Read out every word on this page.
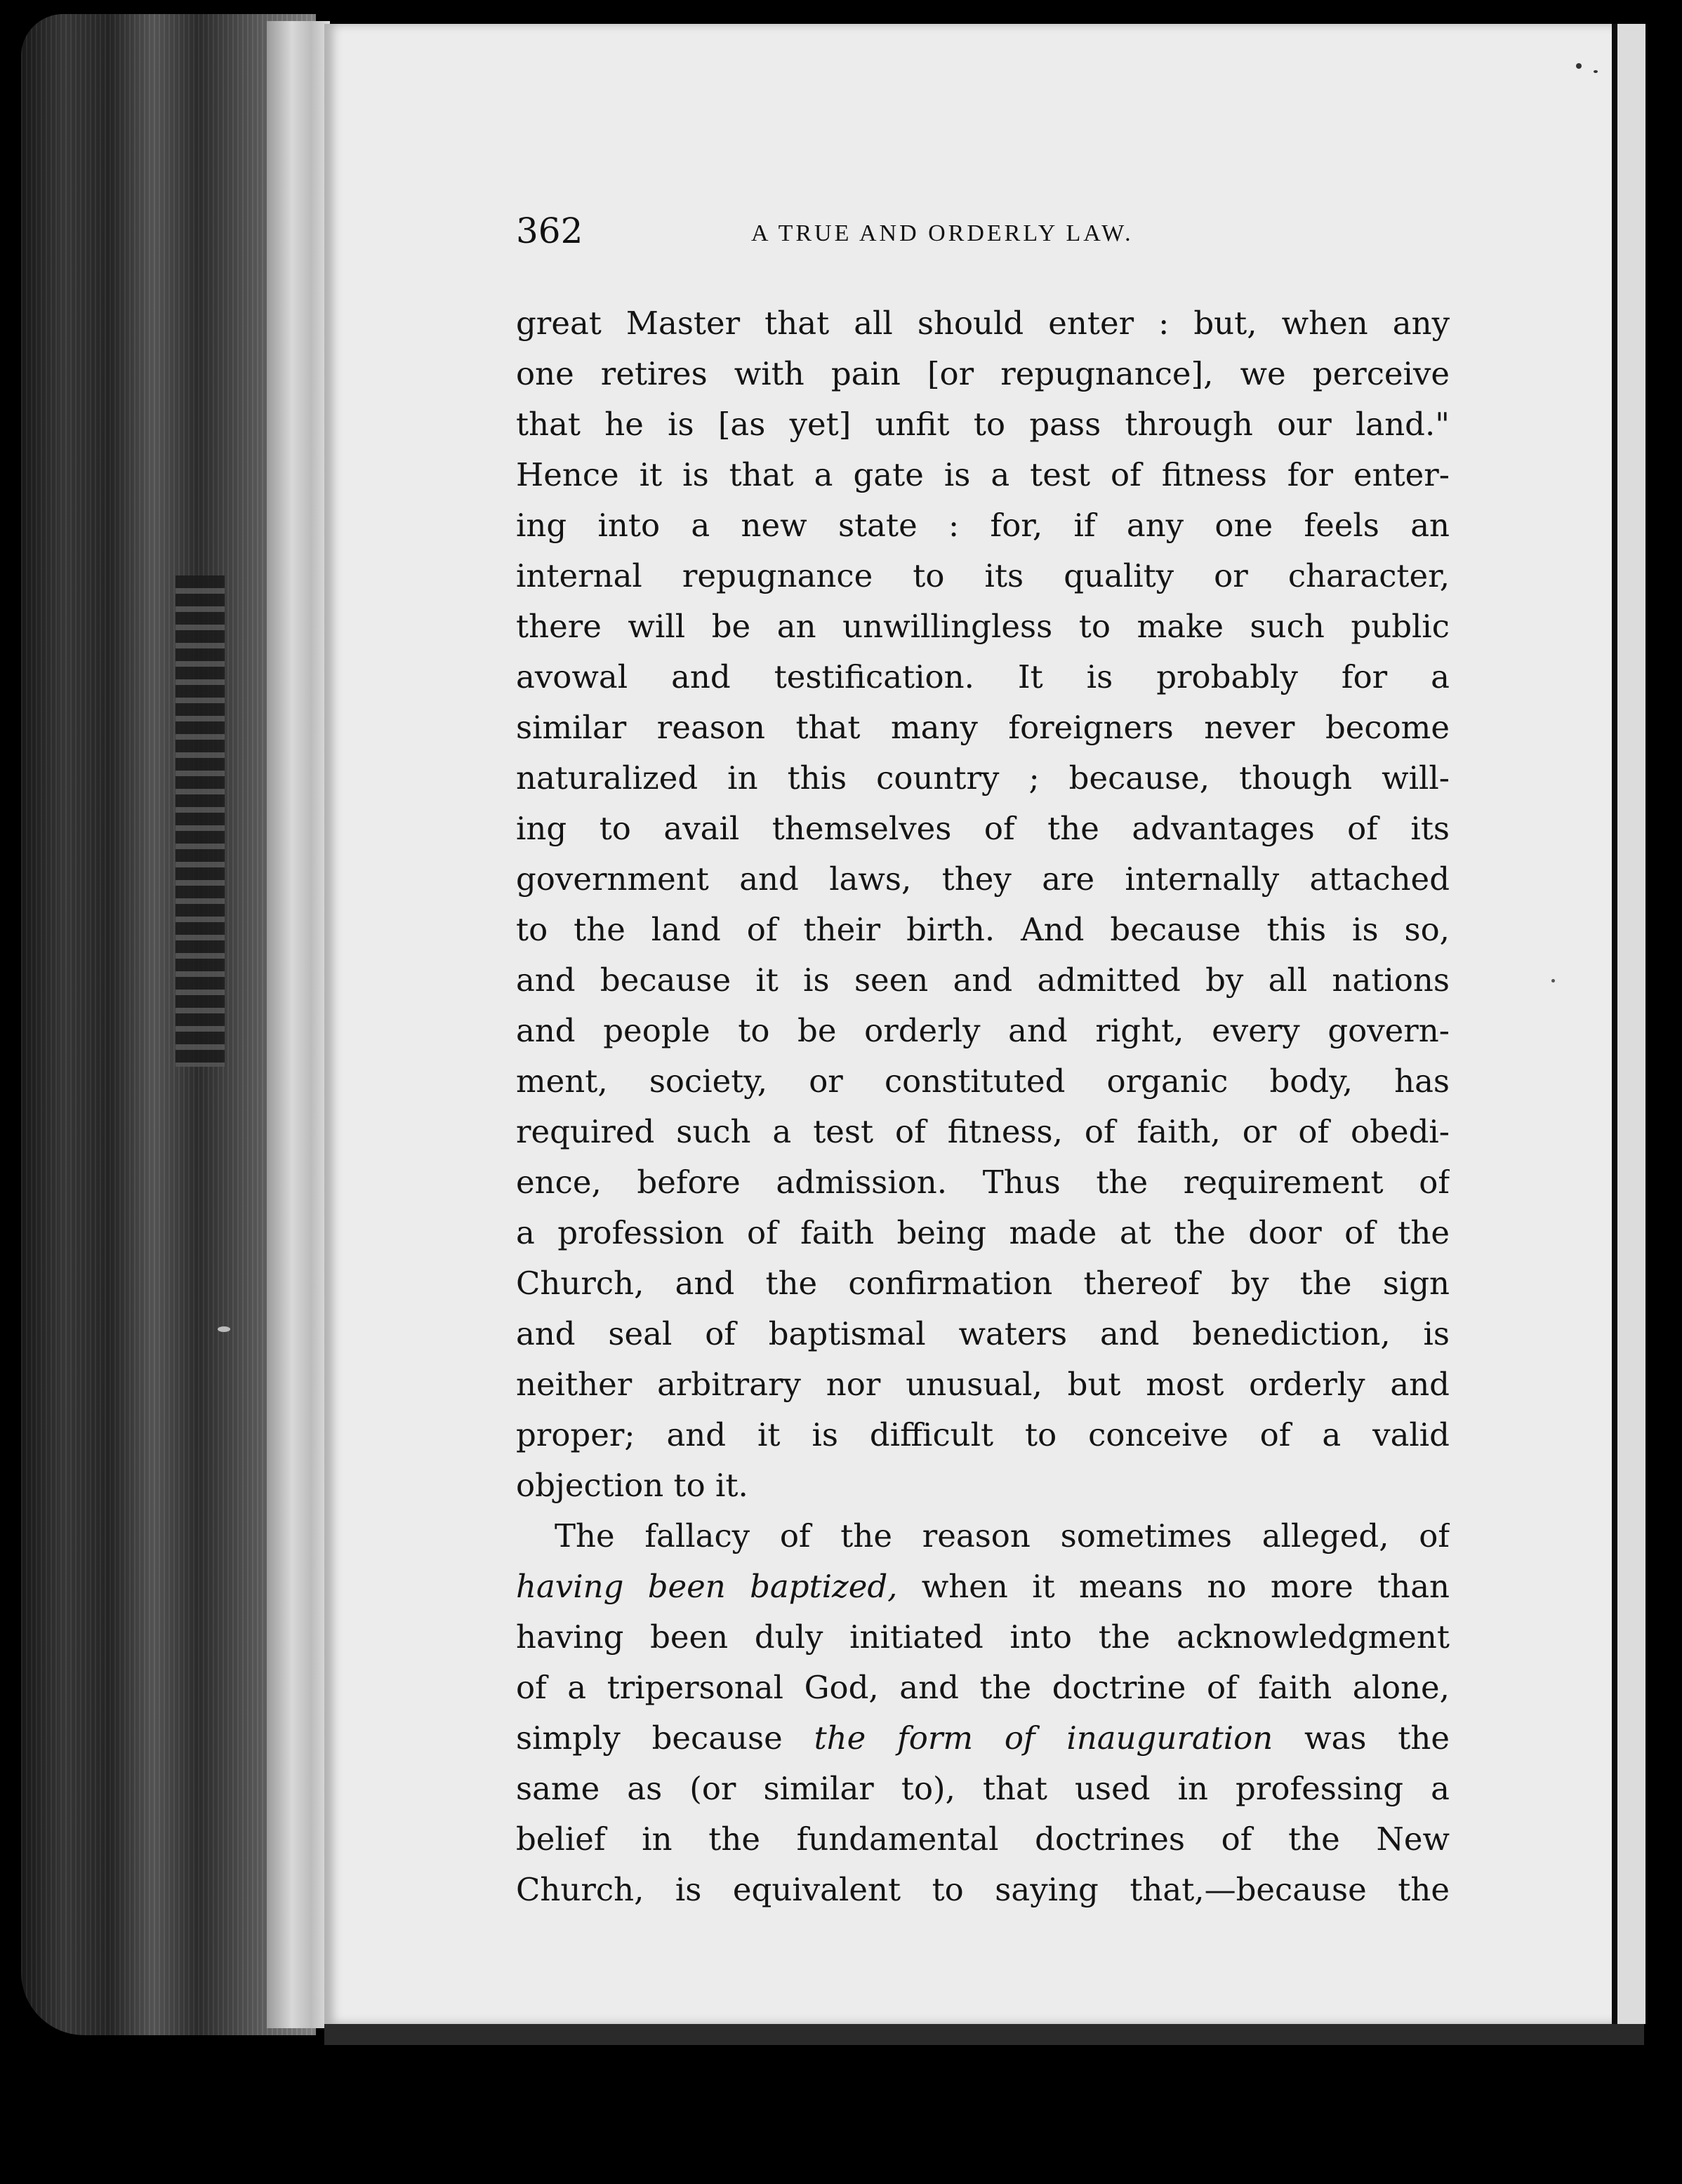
362	A TRUE AND ORDERLY LAW.
great Master that all should enter : but, when any
one retires with pain [or repugnance], we perceive
that he is [as yet] unfit to pass through our land."
Hence it is that a gate is a test of fitness for enter-
ing into a new state : for, if any one feels an
internal repugnance to its quality or character,
there will be an unwillingless to make such public
avowal and testification. It is probably for a
similar reason that many foreigners never become
naturalized in this country ; because, though will-
ing to avail themselves of the advantages of its
government and laws, they are internally attached
to the land of their birth. And because this is so,
and because it is seen and admitted by all nations
and people to be orderly and right, every govern-
ment, society, or constituted organic body, has
required such a test of fitness, of faith, or of obedi-
ence, before admission. Thus the requirement of
a profession of faith being made at the door of the
Church, and the confirmation thereof by the sign
and seal of baptismal waters and benediction, is
neither arbitrary nor unusual, but most orderly and
proper; and it is difficult to conceive of a valid
objection to it.
The fallacy of the reason sometimes alleged, of
having been baptized, when it means no more than
having been duly initiated into the acknowledgment
of a tripersonal God, and the doctrine of faith alone,
simply because the form of inauguration was the
same as (or similar to), that used in professing a
belief in the fundamental doctrines of the New
Church, is equivalent to saying that,—because the
